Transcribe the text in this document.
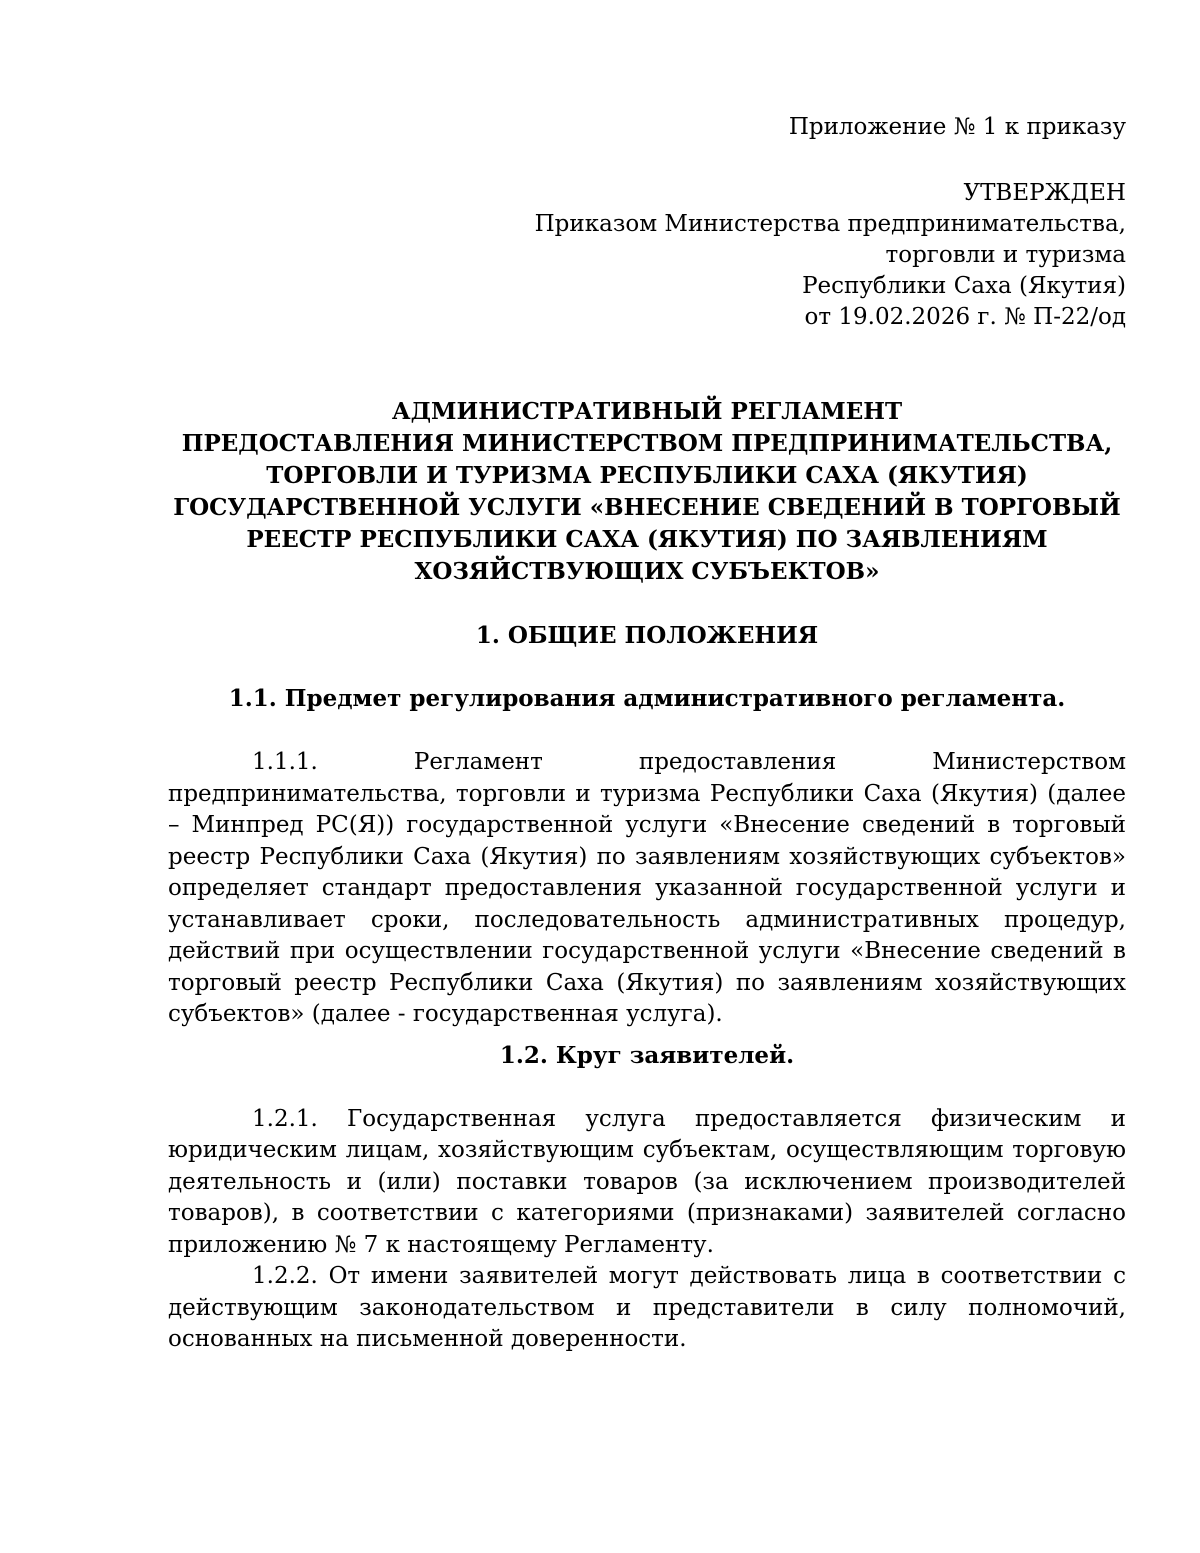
Приложение № 1 к приказу
УТВЕРЖДЕН
Приказом Министерства предпринимательства,
торговли и туризма
Республики Саха (Якутия)
от 19.02.2026 г. № П-22/од
АДМИНИСТРАТИВНЫЙ РЕГЛАМЕНТ
ПРЕДОСТАВЛЕНИЯ МИНИСТЕРСТВОМ ПРЕДПРИНИМАТЕЛЬСТВА,
ТОРГОВЛИ И ТУРИЗМА РЕСПУБЛИКИ САХА (ЯКУТИЯ)
ГОСУДАРСТВЕННОЙ УСЛУГИ «ВНЕСЕНИЕ СВЕДЕНИЙ В ТОРГОВЫЙ
РЕЕСТР РЕСПУБЛИКИ САХА (ЯКУТИЯ) ПО ЗАЯВЛЕНИЯМ
ХОЗЯЙСТВУЮЩИХ СУБЪЕКТОВ»
1. ОБЩИЕ ПОЛОЖЕНИЯ
1.1. Предмет регулирования административного регламента.

1.1.1. Регламент предоставления Министерством предпринимательства, торговли и туризма Республики Саха (Якутия) (далее – Минпред РС(Я)) государственной услуги «Внесение сведений в торговый реестр Республики Саха (Якутия) по заявлениям хозяйствующих субъектов» определяет стандарт предоставления указанной государственной услуги и устанавливает сроки, последовательность административных процедур, действий при осуществлении государственной услуги «Внесение сведений в торговый реестр Республики Саха (Якутия) по заявлениям хозяйствующих субъектов» (далее - государственная услуга).

1.2. Круг заявителей.

1.2.1. Государственная услуга предоставляется физическим и юридическим лицам, хозяйствующим субъектам, осуществляющим торговую деятельность и (или) поставки товаров (за исключением производителей товаров), в соответствии с категориями (признаками) заявителей согласно приложению № 7 к настоящему Регламенту.

1.2.2. От имени заявителей могут действовать лица в соответствии с действующим законодательством и представители в силу полномочий, основанных на письменной доверенности.
